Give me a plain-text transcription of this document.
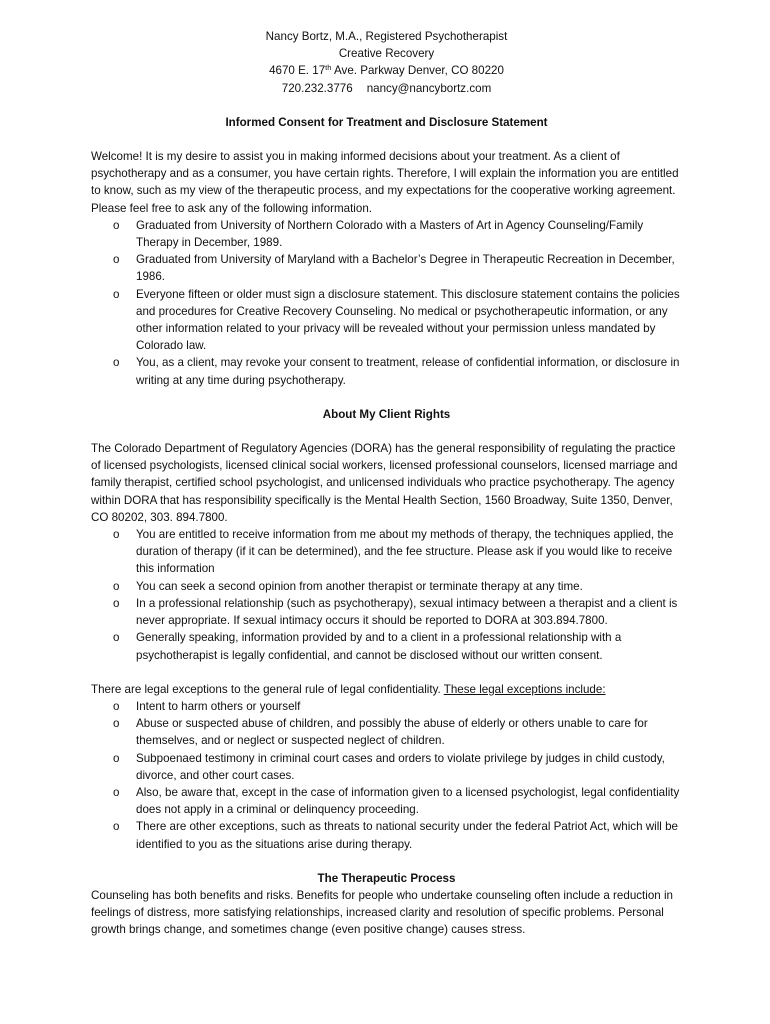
Nancy Bortz, M.A., Registered Psychotherapist
Creative Recovery
4670 E. 17th Ave. Parkway Denver, CO 80220
720.232.3776 nancy@nancybortz.com
Informed Consent for Treatment and Disclosure Statement

Welcome! It is my desire to assist you in making informed decisions about your treatment. As a client of psychotherapy and as a consumer, you have certain rights. Therefore, I will explain the information you are entitled to know, such as my view of the therapeutic process, and my expectations for the cooperative working agreement. Please feel free to ask any of the following information.

o Graduated from University of Northern Colorado with a Masters of Art in Agency Counseling/Family Therapy in December, 1989.
o Graduated from University of Maryland with a Bachelor’s Degree in Therapeutic Recreation in December, 1986.
o Everyone fifteen or older must sign a disclosure statement. This disclosure statement contains the policies and procedures for Creative Recovery Counseling. No medical or psychotherapeutic information, or any other information related to your privacy will be revealed without your permission unless mandated by Colorado law.
o You, as a client, may revoke your consent to treatment, release of confidential information, or disclosure in writing at any time during psychotherapy.
About My Client Rights

The Colorado Department of Regulatory Agencies (DORA) has the general responsibility of regulating the practice of licensed psychologists, licensed clinical social workers, licensed professional counselors, licensed marriage and family therapist, certified school psychologist, and unlicensed individuals who practice psychotherapy. The agency within DORA that has responsibility specifically is the Mental Health Section, 1560 Broadway, Suite 1350, Denver, CO 80202, 303. 894.7800.

o You are entitled to receive information from me about my methods of therapy, the techniques applied, the duration of therapy (if it can be determined), and the fee structure. Please ask if you would like to receive this information
o You can seek a second opinion from another therapist or terminate therapy at any time.
o In a professional relationship (such as psychotherapy), sexual intimacy between a therapist and a client is never appropriate. If sexual intimacy occurs it should be reported to DORA at 303.894.7800.
o Generally speaking, information provided by and to a client in a professional relationship with a psychotherapist is legally confidential, and cannot be disclosed without our written consent.

There are legal exceptions to the general rule of legal confidentiality. These legal exceptions include:

o Intent to harm others or yourself
o Abuse or suspected abuse of children, and possibly the abuse of elderly or others unable to care for themselves, and or neglect or suspected neglect of children.
o Subpoenaed testimony in criminal court cases and orders to violate privilege by judges in child custody, divorce, and other court cases.
o Also, be aware that, except in the case of information given to a licensed psychologist, legal confidentiality does not apply in a criminal or delinquency proceeding.
o There are other exceptions, such as threats to national security under the federal Patriot Act, which will be identified to you as the situations arise during therapy.
The Therapeutic Process

Counseling has both benefits and risks. Benefits for people who undertake counseling often include a reduction in feelings of distress, more satisfying relationships, increased clarity and resolution of specific problems. Personal growth brings change, and sometimes change (even positive change) causes stress.
